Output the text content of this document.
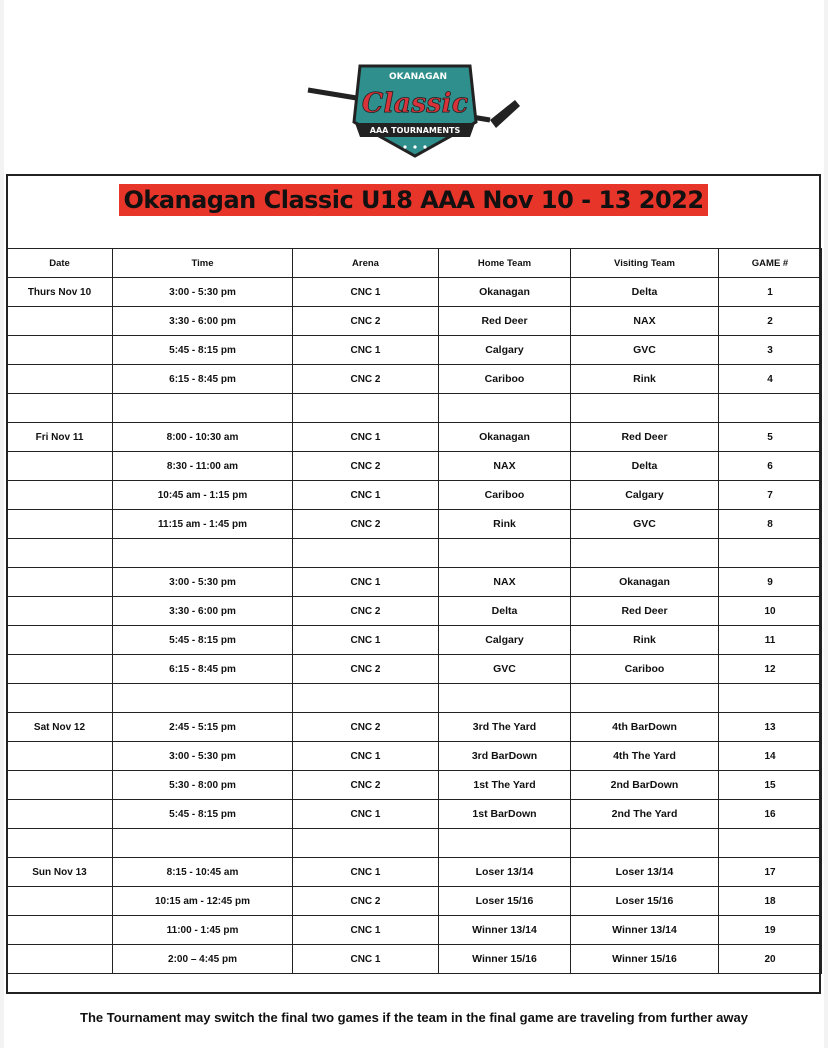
OKANAGAN
Classic
AAA TOURNAMENTS
Okanagan Classic U18 AAA Nov 10 - 13 2022
Date	Time	Arena	Home Team	Visiting Team	GAME #
Thurs Nov 10	3:00 - 5:30 pm	CNC 1	Okanagan	Delta	1
	3:30 - 6:00 pm	CNC 2	Red Deer	NAX	2
	5:45 - 8:15 pm	CNC 1	Calgary	GVC	3
	6:15 - 8:45 pm	CNC 2	Cariboo	Rink	4

Fri Nov 11	8:00 - 10:30 am	CNC 1	Okanagan	Red Deer	5
	8:30 - 11:00 am	CNC 2	NAX	Delta	6
	10:45 am - 1:15 pm	CNC 1	Cariboo	Calgary	7
	11:15 am - 1:45 pm	CNC 2	Rink	GVC	8

	3:00 - 5:30 pm	CNC 1	NAX	Okanagan	9
	3:30 - 6:00 pm	CNC 2	Delta	Red Deer	10
	5:45 - 8:15 pm	CNC 1	Calgary	Rink	11
	6:15 - 8:45 pm	CNC 2	GVC	Cariboo	12

Sat Nov 12	2:45 - 5:15 pm	CNC 2	3rd The Yard	4th BarDown	13
	3:00 - 5:30 pm	CNC 1	3rd BarDown	4th The Yard	14
	5:30 - 8:00 pm	CNC 2	1st The Yard	2nd BarDown	15
	5:45 - 8:15 pm	CNC 1	1st BarDown	2nd The Yard	16

Sun Nov 13	8:15 - 10:45 am	CNC 1	Loser 13/14	Loser 13/14	17
	10:15 am - 12:45 pm	CNC 2	Loser 15/16	Loser 15/16	18
	11:00 - 1:45 pm	CNC 1	Winner 13/14	Winner 13/14	19
	2:00 – 4:45 pm	CNC 1	Winner 15/16	Winner 15/16	20
The Tournament may switch the final two games if the team in the final game are traveling from further away
